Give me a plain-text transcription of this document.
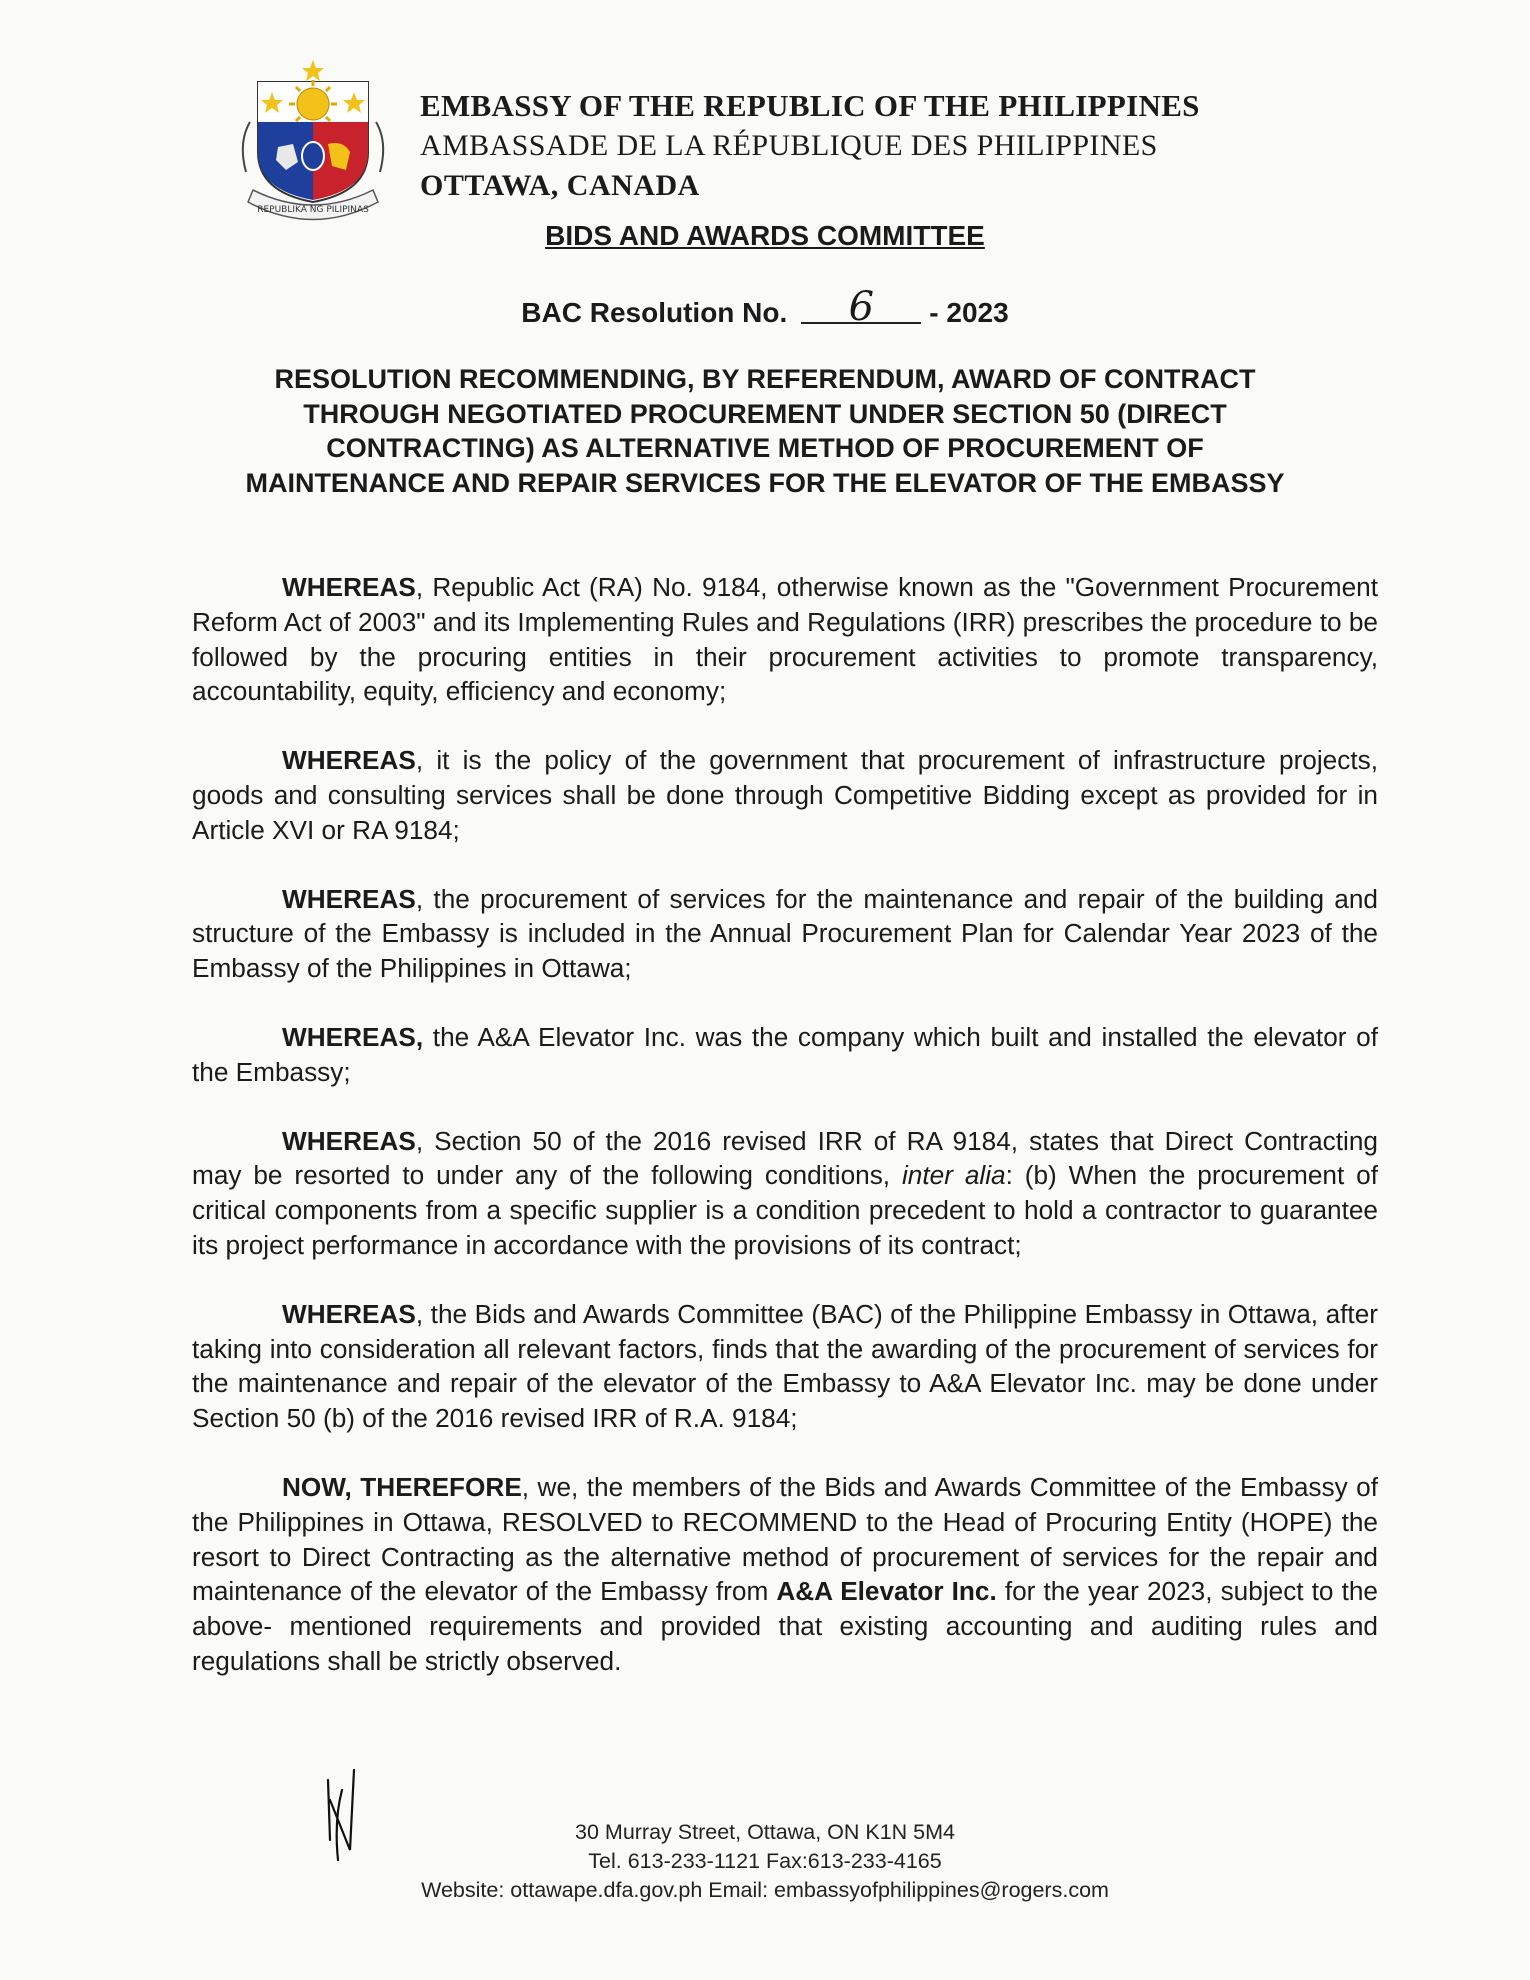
REPUBLIKA NG PILIPINAS
EMBASSY OF THE REPUBLIC OF THE PHILIPPINES
AMBASSADE DE LA RÉPUBLIQUE DES PHILIPPINES
OTTAWA, CANADA
BIDS AND AWARDS COMMITTEE
BAC Resolution No. 6 - 2023
RESOLUTION RECOMMENDING, BY REFERENDUM, AWARD OF CONTRACT
THROUGH NEGOTIATED PROCUREMENT UNDER SECTION 50 (DIRECT
CONTRACTING) AS ALTERNATIVE METHOD OF PROCUREMENT OF
MAINTENANCE AND REPAIR SERVICES FOR THE ELEVATOR OF THE EMBASSY

WHEREAS, Republic Act (RA) No. 9184, otherwise known as the "Government Procurement Reform Act of 2003" and its Implementing Rules and Regulations (IRR) prescribes the procedure to be followed by the procuring entities in their procurement activities to promote transparency, accountability, equity, efficiency and economy;

WHEREAS, it is the policy of the government that procurement of infrastructure projects, goods and consulting services shall be done through Competitive Bidding except as provided for in Article XVI or RA 9184;

WHEREAS, the procurement of services for the maintenance and repair of the building and structure of the Embassy is included in the Annual Procurement Plan for Calendar Year 2023 of the Embassy of the Philippines in Ottawa;

WHEREAS, the A&A Elevator Inc. was the company which built and installed the elevator of the Embassy;

WHEREAS, Section 50 of the 2016 revised IRR of RA 9184, states that Direct Contracting may be resorted to under any of the following conditions, inter alia: (b) When the procurement of critical components from a specific supplier is a condition precedent to hold a contractor to guarantee its project performance in accordance with the provisions of its contract;

WHEREAS, the Bids and Awards Committee (BAC) of the Philippine Embassy in Ottawa, after taking into consideration all relevant factors, finds that the awarding of the procurement of services for the maintenance and repair of the elevator of the Embassy to A&A Elevator Inc. may be done under Section 50 (b) of the 2016 revised IRR of R.A. 9184;

NOW, THEREFORE, we, the members of the Bids and Awards Committee of the Embassy of the Philippines in Ottawa, RESOLVED to RECOMMEND to the Head of Procuring Entity (HOPE) the resort to Direct Contracting as the alternative method of procurement of services for the repair and maintenance of the elevator of the Embassy from A&A Elevator Inc. for the year 2023, subject to the above- mentioned requirements and provided that existing accounting and auditing rules and regulations shall be strictly observed.

30 Murray Street, Ottawa, ON K1N 5M4
Tel. 613-233-1121 Fax:613-233-4165
Website: ottawape.dfa.gov.ph Email: embassyofphilippines@rogers.com
